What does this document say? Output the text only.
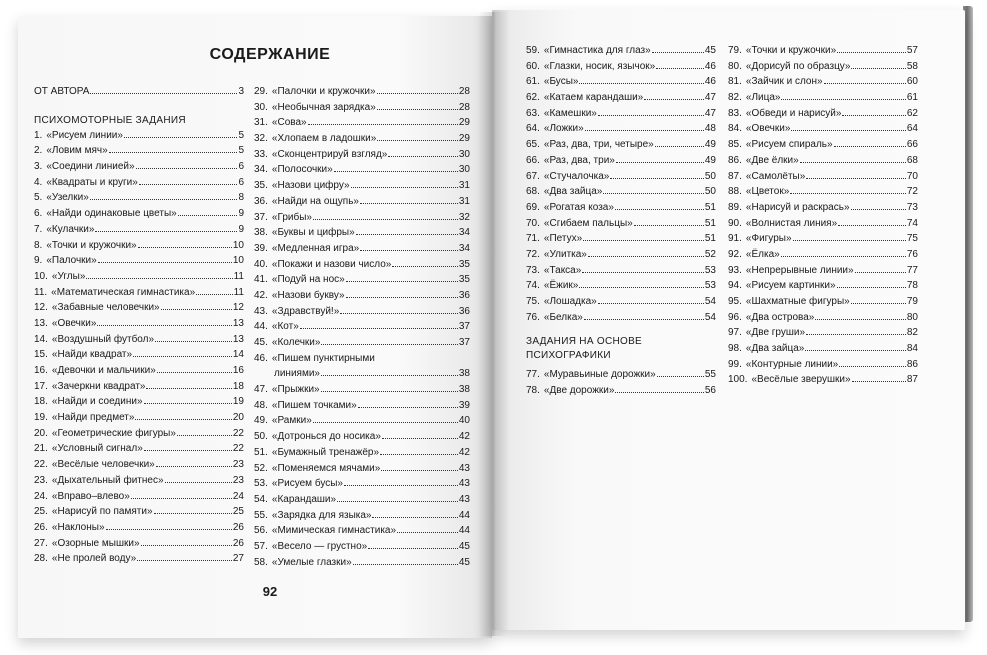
СОДЕРЖАНИЕ
ОТ АВТОРА	3
ПСИХОМОТОРНЫЕ ЗАДАНИЯ
1. «Рисуем линии»	5
2. «Ловим мяч»	5
3. «Соедини линией»	6
4. «Квадраты и круги»	6
5. «Узелки»	8
6. «Найди одинаковые цветы»	9
7. «Кулачки»	9
8. «Точки и кружочки»	10
9. «Палочки»	10
10. «Углы»	11
11. «Математическая гимнастика»	11
12. «Забавные человечки»	12
13. «Овечки»	13
14. «Воздушный футбол»	13
15. «Найди квадрат»	14
16. «Девочки и мальчики»	16
17. «Зачеркни квадрат»	18
18. «Найди и соедини»	19
19. «Найди предмет»	20
20. «Геометрические фигуры»	22
21. «Условный сигнал»	22
22. «Весёлые человечки»	23
23. «Дыхательный фитнес»	23
24. «Вправо–влево»	24
25. «Нарисуй по памяти»	25
26. «Наклоны»	26
27. «Озорные мышки»	26
28. «Не пролей воду»	27
29. «Палочки и кружочки»	28
30. «Необычная зарядка»	28
31. «Сова»	29
32. «Хлопаем в ладошки»	29
33. «Сконцентрируй взгляд»	30
34. «Полосочки»	30
35. «Назови цифру»	31
36. «Найди на ощупь»	31
37. «Грибы»	32
38. «Буквы и цифры»	34
39. «Медленная игра»	34
40. «Покажи и назови число»	35
41. «Подуй на нос»	35
42. «Назови букву»	36
43. «Здравствуй!»	36
44. «Кот»	37
45. «Колечки»	37
46. «Пишем пунктирными
линиями»	38
47. «Прыжки»	38
48. «Пишем точками»	39
49. «Рамки»	40
50. «Дотронься до носика»	42
51. «Бумажный тренажёр»	42
52. «Поменяемся мячами»	43
53. «Рисуем бусы»	43
54. «Карандаши»	43
55. «Зарядка для языка»	44
56. «Мимическая гимнастика»	44
57. «Весело — грустно»	45
58. «Умелые глазки»	45
92
59. «Гимнастика для глаз»	45
60. «Глазки, носик, язычок»	46
61. «Бусы»	46
62. «Катаем карандаши»	47
63. «Камешки»	47
64. «Ложки»	48
65. «Раз, два, три, четыре»	49
66. «Раз, два, три»	49
67. «Стучалочка»	50
68. «Два зайца»	50
69. «Рогатая коза»	51
70. «Сгибаем пальцы»	51
71. «Петух»	51
72. «Улитка»	52
73. «Такса»	53
74. «Ёжик»	53
75. «Лошадка»	54
76. «Белка»	54
ЗАДАНИЯ НА ОСНОВЕ
ПСИХОГРАФИКИ
77. «Муравьиные дорожки»	55
78. «Две дорожки»	56
79. «Точки и кружочки»	57
80. «Дорисуй по образцу»	58
81. «Зайчик и слон»	60
82. «Лица»	61
83. «Обведи и нарисуй»	62
84. «Овечки»	64
85. «Рисуем спираль»	66
86. «Две ёлки»	68
87. «Самолёты»	70
88. «Цветок»	72
89. «Нарисуй и раскрась»	73
90. «Волнистая линия»	74
91. «Фигуры»	75
92. «Ёлка»	76
93. «Непрерывные линии»	77
94. «Рисуем картинки»	78
95. «Шахматные фигуры»	79
96. «Два острова»	80
97. «Две груши»	82
98. «Два зайца»	84
99. «Контурные линии»	86
100. «Весёлые зверушки»	87
